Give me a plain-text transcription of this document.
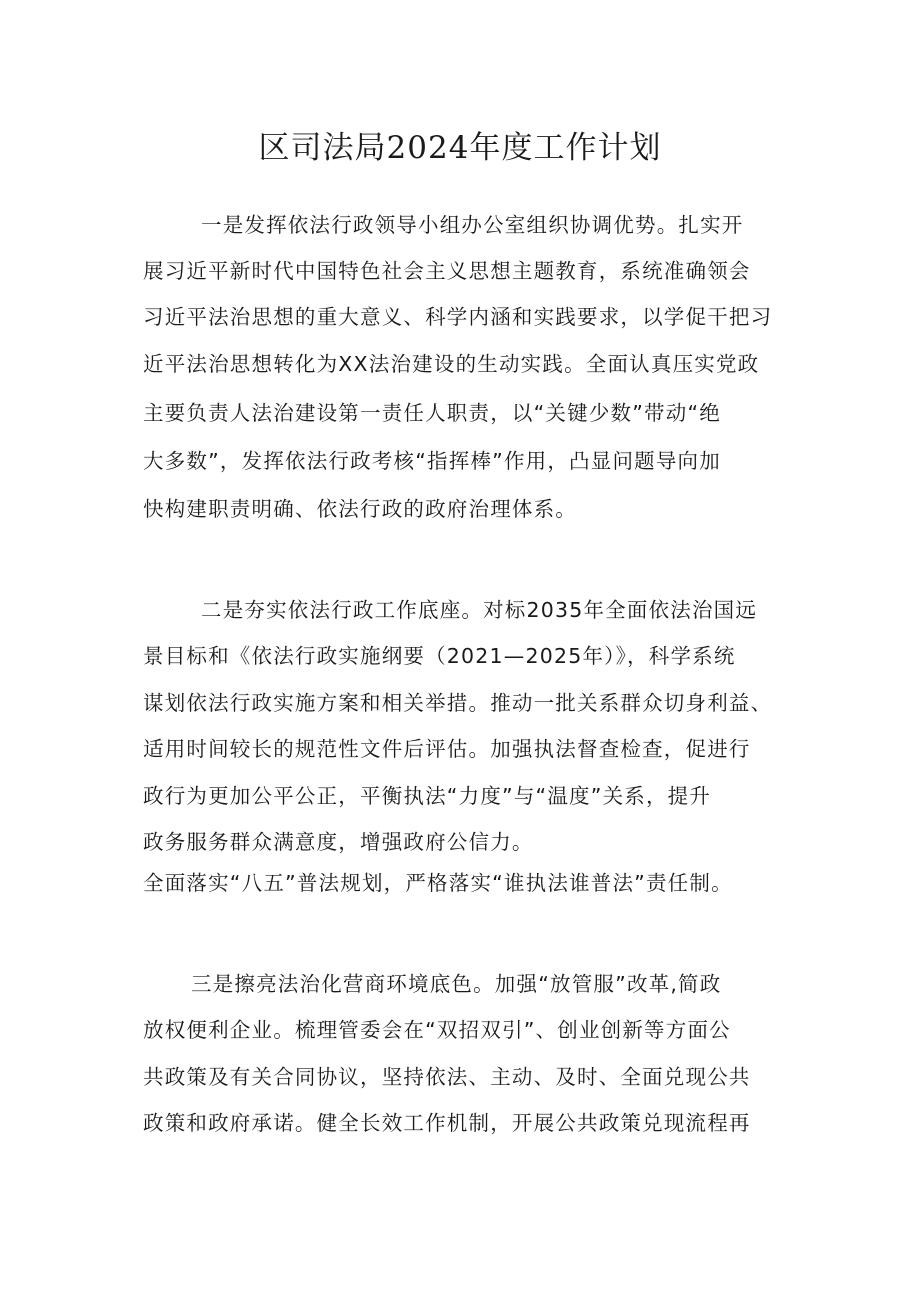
区司法局2024年度工作计划
一是发挥依法行政领导小组办公室组织协调优势。扎实开
展习近平新时代中国特色社会主义思想主题教育，系统准确领会
习近平法治思想的重大意义、科学内涵和实践要求，以学促干把习
近平法治思想转化为XX法治建设的生动实践。全面认真压实党政
主要负责人法治建设第一责任人职责，以“关键少数”带动“绝
大多数”，发挥依法行政考核“指挥棒”作用，凸显问题导向加
快构建职责明确、依法行政的政府治理体系。
二是夯实依法行政工作底座。对标2035年全面依法治国远
景目标和《依法行政实施纲要（2021—2025年）》，科学系统
谋划依法行政实施方案和相关举措。推动一批关系群众切身利益、
适用时间较长的规范性文件后评估。加强执法督查检查，促进行
政行为更加公平公正，平衡执法“力度”与“温度”关系，提升
政务服务群众满意度，增强政府公信力。
全面落实“八五”普法规划，严格落实“谁执法谁普法”责任制。
三是擦亮法治化营商环境底色。加强“放管服”改革,简政
放权便利企业。梳理管委会在“双招双引”、创业创新等方面公
共政策及有关合同协议，坚持依法、主动、及时、全面兑现公共
政策和政府承诺。健全长效工作机制，开展公共政策兑现流程再
